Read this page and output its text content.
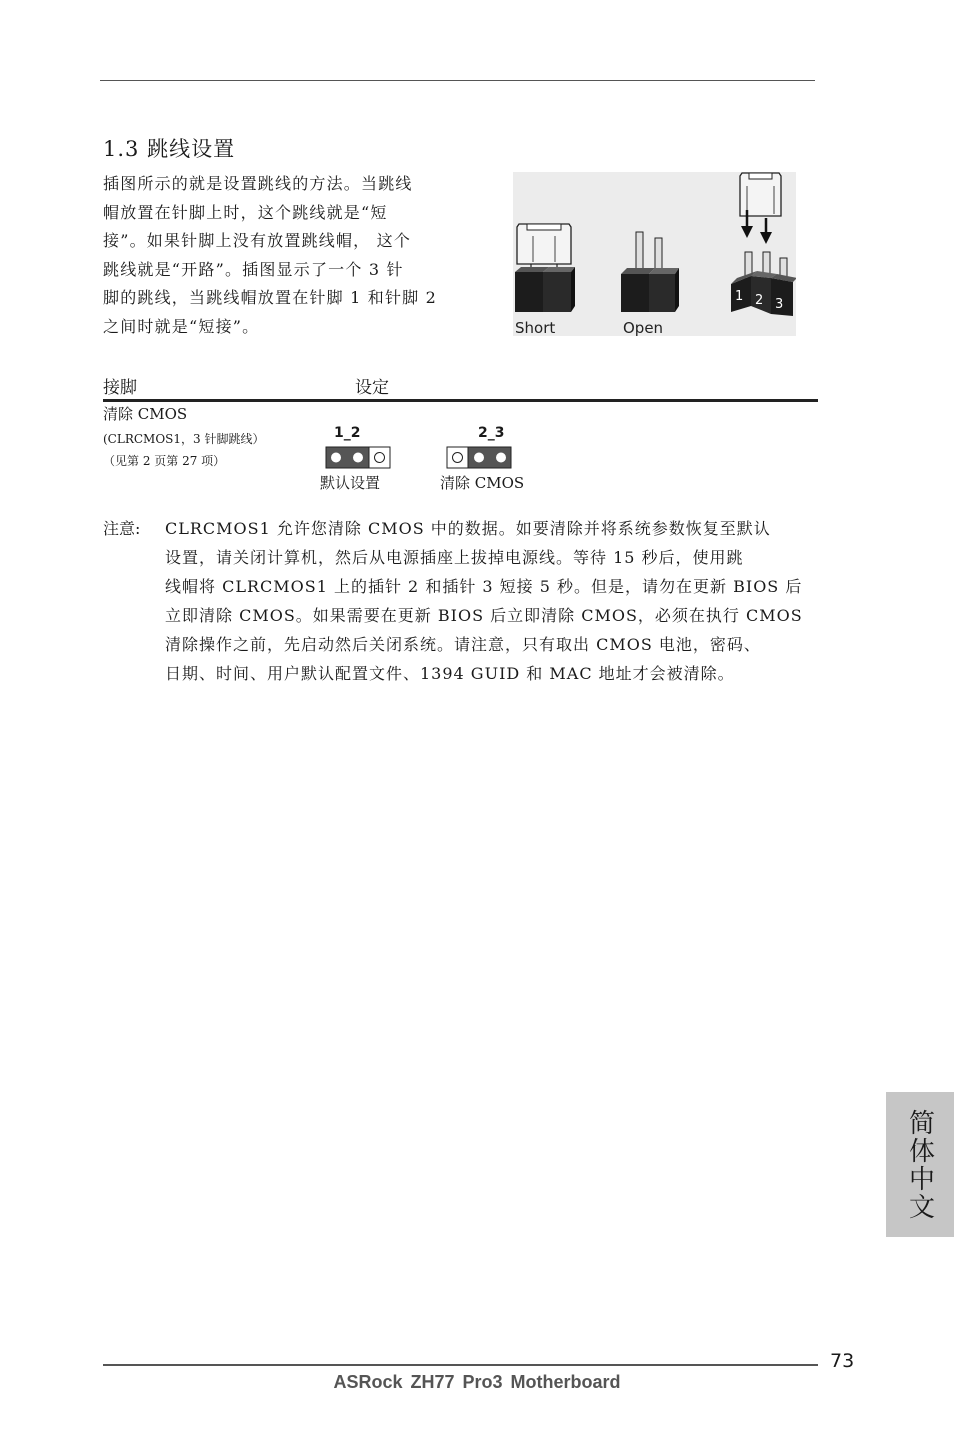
1.3 跳线设置

插图所示的就是设置跳线的方法。当跳线

帽放置在针脚上时，这个跳线就是“短

接”。如果针脚上没有放置跳线帽， 这个

跳线就是“开路”。插图显示了一个 3 针

脚的跳线，当跳线帽放置在针脚 1 和针脚 2

之间时就是“短接”。	Short	Open
1 2 3
接脚	设定
清除 CMOS
(CLRCMOS1，3 针脚跳线）
（见第 2 页第 27 项）
1_2
默认设置
2_3
清除 CMOS
注意: CLRCMOS1 允许您清除 CMOS 中的数据。如要清除并将系统参数恢复至默认

设置，请关闭计算机，然后从电源插座上拔掉电源线。等待 15 秒后，使用跳

线帽将 CLRCMOS1 上的插针 2 和插针 3 短接 5 秒。但是，请勿在更新 BIOS 后

立即清除 CMOS。如果需要在更新 BIOS 后立即清除 CMOS，必须在执行 CMOS

清除操作之前，先启动然后关闭系统。请注意，只有取出 CMOS 电池，密码、

日期、时间、用户默认配置文件、1394 GUID 和 MAC 地址才会被清除。

简体中文
73
ASRock ZH77 Pro3 Motherboard
